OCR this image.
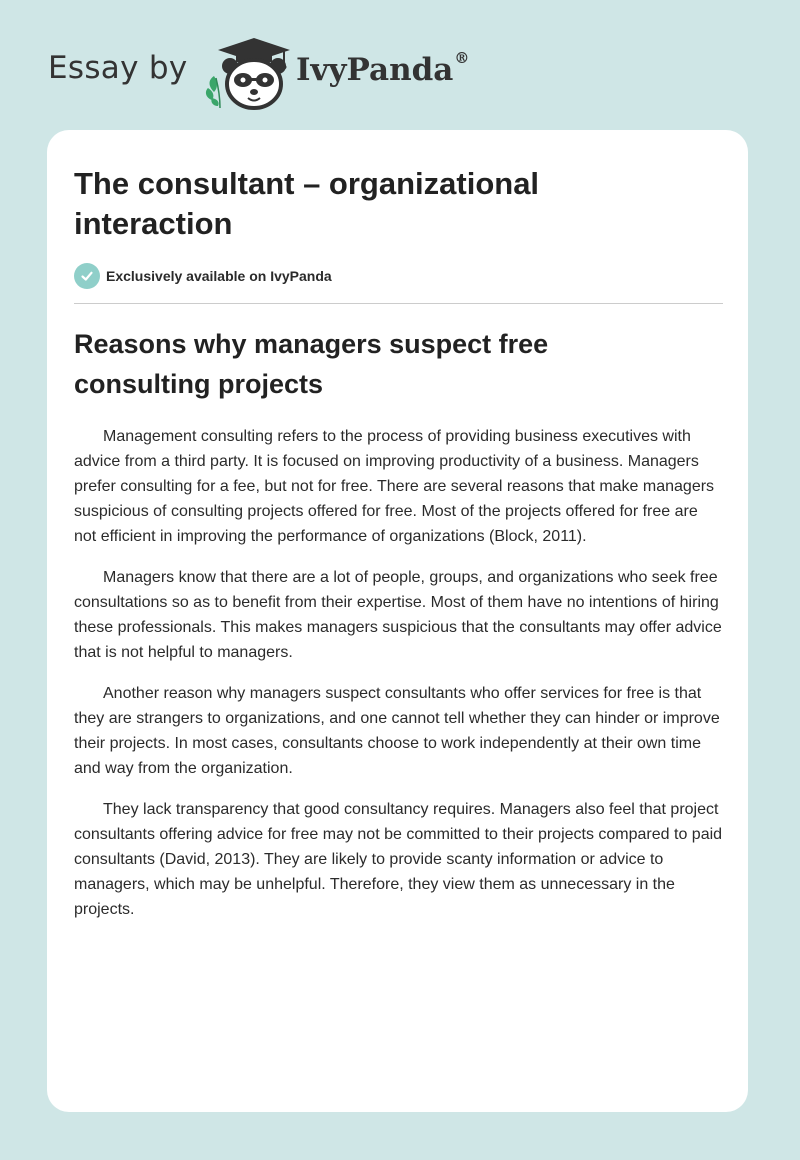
Essay by	IvyPanda®
The consultant – organizational interaction
Exclusively available on IvyPanda
Reasons why managers suspect free consulting projects

Management consulting refers to the process of providing business executives with advice from a third party. It is focused on improving productivity of a business. Managers prefer consulting for a fee, but not for free. There are several reasons that make managers suspicious of consulting projects offered for free. Most of the projects offered for free are not efficient in improving the performance of organizations (Block, 2011).

Managers know that there are a lot of people, groups, and organizations who seek free consultations so as to benefit from their expertise. Most of them have no intentions of hiring these professionals. This makes managers suspicious that the consultants may offer advice that is not helpful to managers.

Another reason why managers suspect consultants who offer services for free is that they are strangers to organizations, and one cannot tell whether they can hinder or improve their projects. In most cases, consultants choose to work independently at their own time and way from the organization.

They lack transparency that good consultancy requires. Managers also feel that project consultants offering advice for free may not be committed to their projects compared to paid consultants (David, 2013). They are likely to provide scanty information or advice to managers, which may be unhelpful. Therefore, they view them as unnecessary in the projects.
